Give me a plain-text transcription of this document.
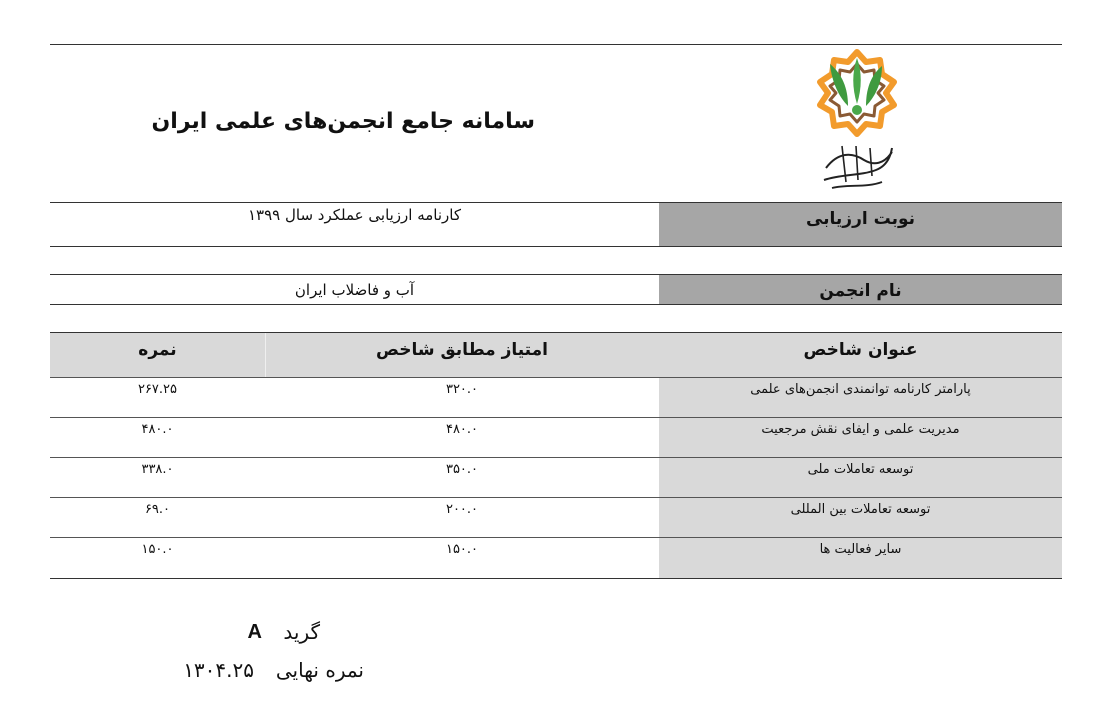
سامانه جامع انجمن‌های علمی ایران
نوبت ارزیابی
کارنامه ارزیابی عملکرد سال ۱۳۹۹
نام انجمن
آب و فاضلاب ایران
عنوان شاخص
امتیاز مطابق شاخص
نمره
پارامتر کارنامه توانمندی انجمن‌های علمی
۳۲۰.۰
۲۶۷.۲۵
مدیریت علمی و ایفای نقش مرجعیت
۴۸۰.۰
۴۸۰.۰
توسعه تعاملات ملی
۳۵۰.۰
۳۳۸.۰
توسعه تعاملات بین المللی
۲۰۰.۰
۶۹.۰
سایر فعالیت ها
۱۵۰.۰
۱۵۰.۰
گرید
A
نمره نهایی
۱۳۰۴.۲۵
